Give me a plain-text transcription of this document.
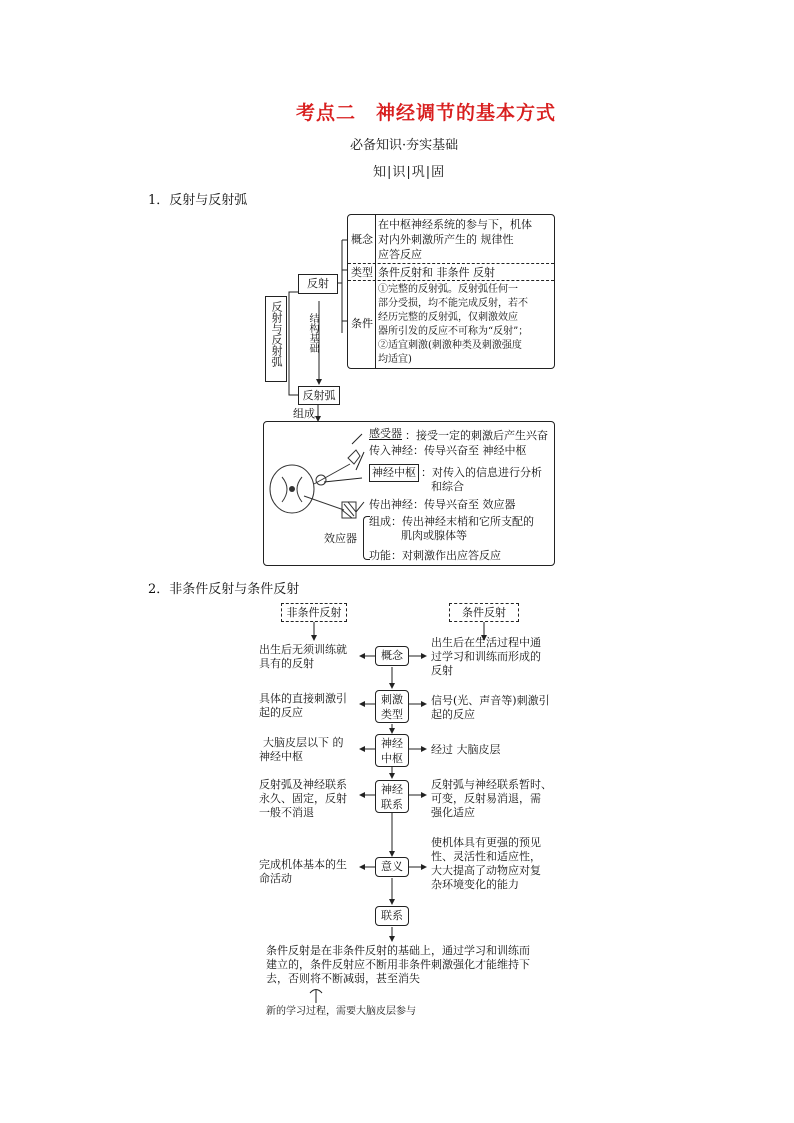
考点二　神经调节的基本方式
必备知识·夯实基础
知|识|巩|固
1．反射与反射弧
反射与反射弧
反射
结构基础
反射弧
组成
概念
在中枢神经系统的参与下，机体
对内外刺激所产生的 规律性
应答反应
类型 条件反射和 非条件 反射
条件
①完整的反射弧。反射弧任何一
部分受损，均不能完成反射，若不
经历完整的反射弧，仅刺激效应
器所引发的反应不可称为“反射”；
②适宜刺激(刺激种类及刺激强度
均适宜)
感受器 ：接受一定的刺激后产生兴奋
传入神经：传导兴奋至 神经中枢
神经中枢 ：对传入的信息进行分析
和综合
传出神经：传导兴奋至 效应器
效应器
组成：传出神经末梢和它所支配的
肌肉或腺体等
功能：对刺激作出应答反应
2．非条件反射与条件反射
非条件反射	条件反射
概念
刺激类型
神经中枢
神经联系
意义
联系
出生后无须训练就
具有的反射
具体的直接刺激引
起的反应
大脑皮层以下 的
神经中枢
反射弧及神经联系
永久、固定，反射
一般不消退
完成机体基本的生
命活动
出生后在生活过程中通
过学习和训练而形成的
反射
信号(光、声音等)刺激引
起的反应
经过 大脑皮层
反射弧与神经联系暂时、
可变，反射易消退，需
强化适应
使机体具有更强的预见
性、灵活性和适应性，
大大提高了动物应对复
杂环境变化的能力
条件反射是在非条件反射的基础上，通过学习和训练而
建立的，条件反射应不断用非条件刺激强化才能维持下
去，否则将不断减弱，甚至消失
新的学习过程，需要大脑皮层参与
